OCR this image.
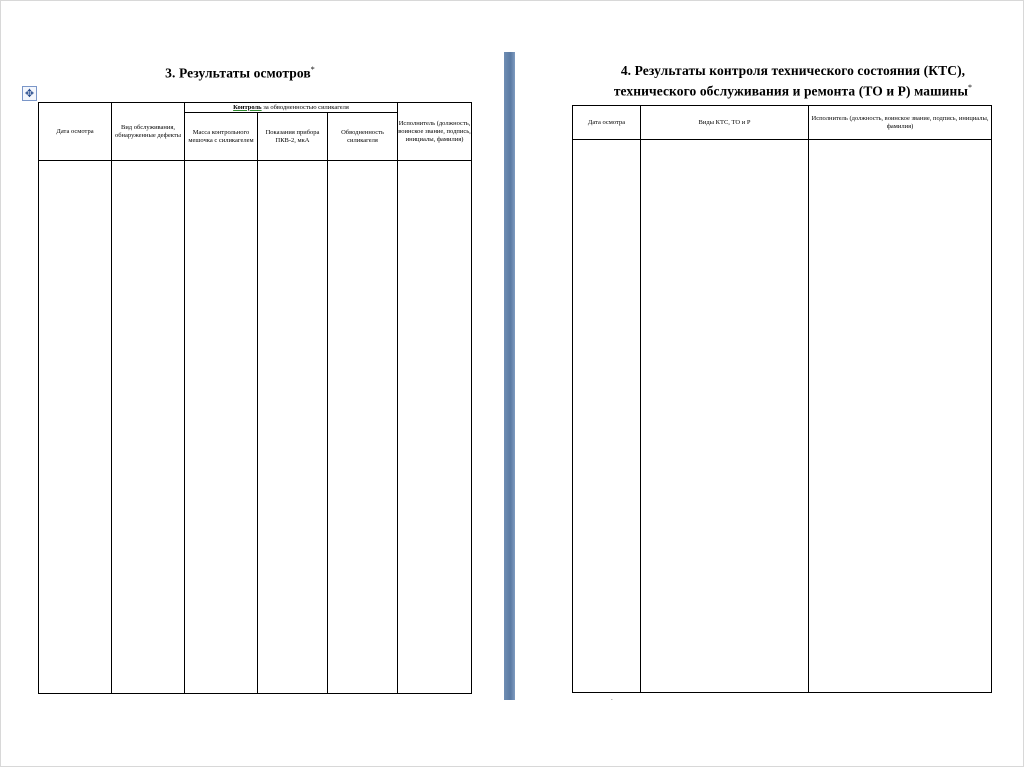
3. Результаты осмотров*
✥
Дата осмотра	Вид обслуживания, обнаруженные дефекты	Контроль за обводненностью силикагеля			Исполнитель (должность, воинское звание, подпись, инициалы, фамилия)
		Масса контрольного мешочка с силикагелем	Показания прибора ПКВ-2, мкА	Обводненность силикагеля	

4. Результаты контроля технического состояния (КТС),
технического обслуживания и ремонта (ТО и Р) машины*
Дата осмотра	Виды КТС, ТО и Р	Исполнитель (должность, воинское звание, подпись, инициалы, фамилия)

.
